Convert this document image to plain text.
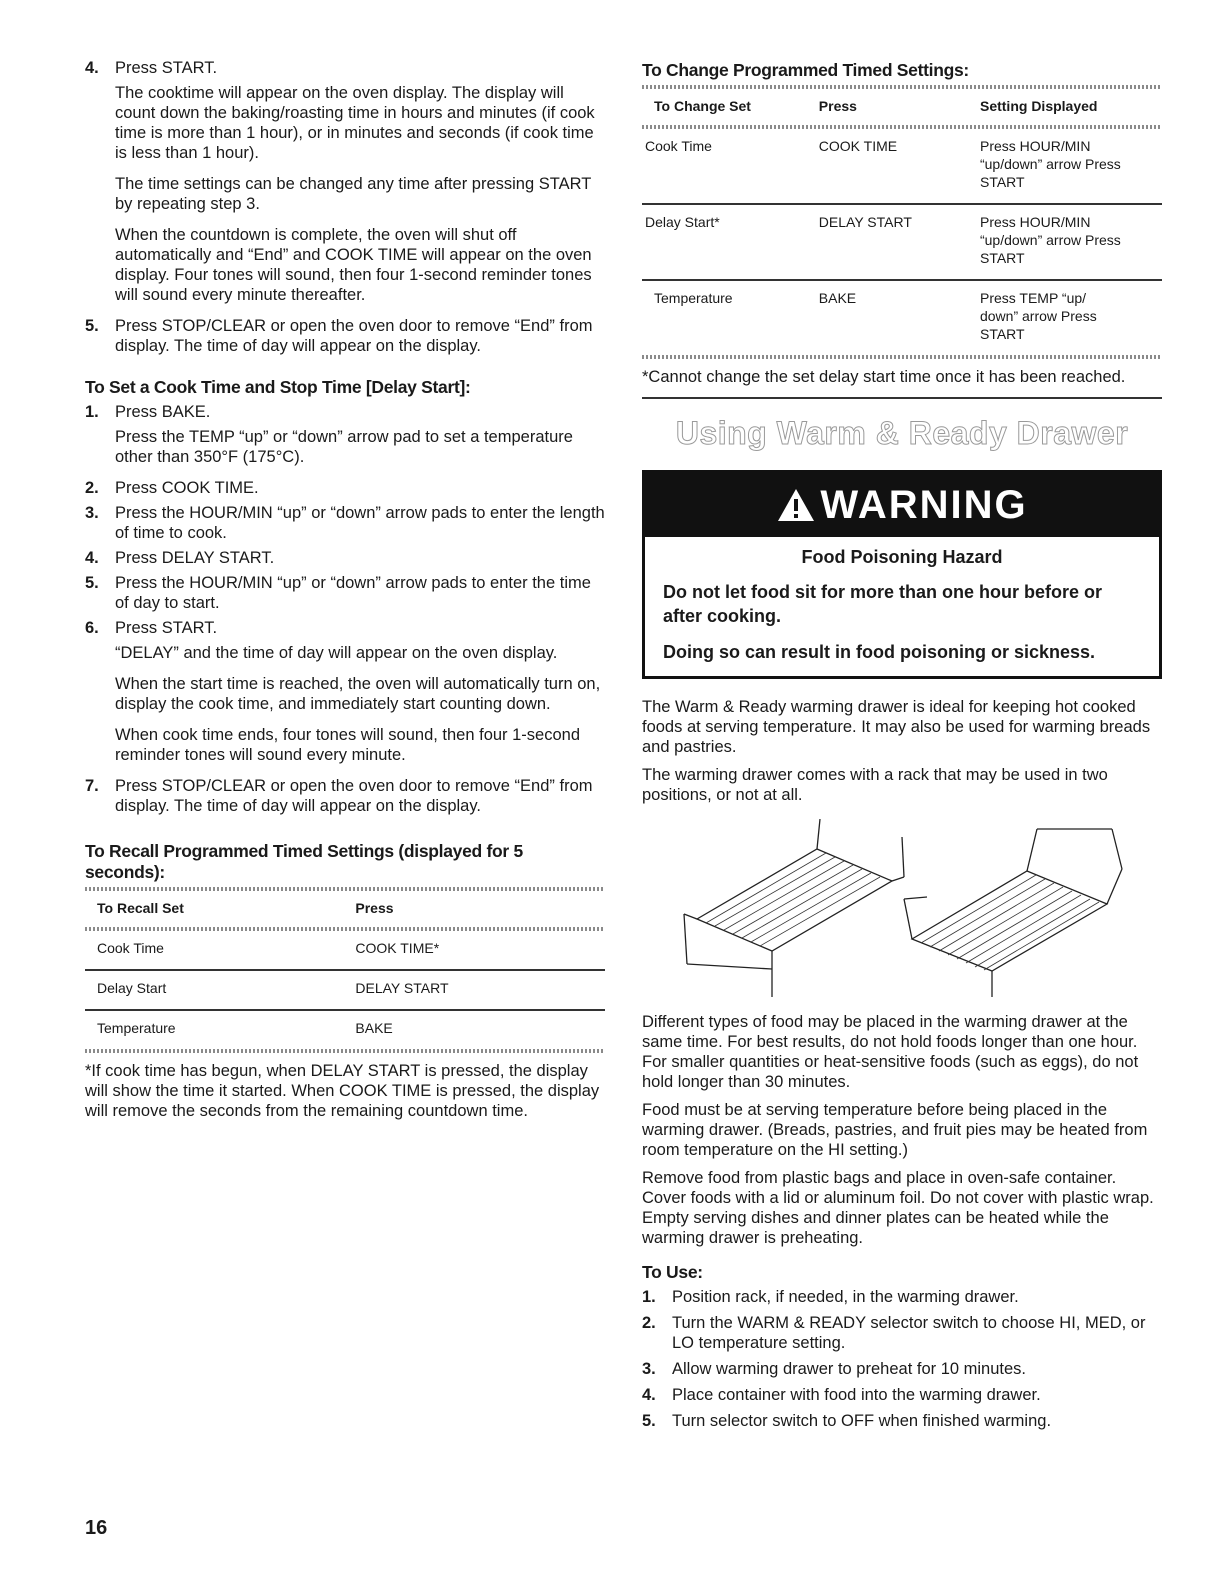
4. Press START.

The cooktime will appear on the oven display. The display will count down the baking/roasting time in hours and minutes (if cook time is more than 1 hour), or in minutes and seconds (if cook time is less than 1 hour).

The time settings can be changed any time after pressing START by repeating step 3.

When the countdown is complete, the oven will shut off automatically and “End” and COOK TIME will appear on the oven display. Four tones will sound, then four 1-second reminder tones will sound every minute thereafter.

5. Press STOP/CLEAR or open the oven door to remove “End” from display. The time of day will appear on the display.

To Set a Cook Time and Stop Time [Delay Start]:
1. Press BAKE.

Press the TEMP “up” or “down” arrow pad to set a temperature other than 350°F (175°C).

2. Press COOK TIME.

3. Press the HOUR/MIN “up” or “down” arrow pads to enter the length of time to cook.

4. Press DELAY START.

5. Press the HOUR/MIN “up” or “down” arrow pads to enter the time of day to start.

6. Press START.

“DELAY” and the time of day will appear on the oven display.

When the start time is reached, the oven will automatically turn on, display the cook time, and immediately start counting down.

When cook time ends, four tones will sound, then four 1-second reminder tones will sound every minute.

7. Press STOP/CLEAR or open the oven door to remove “End” from display. The time of day will appear on the display.

To Recall Programmed Timed Settings (displayed for 5 seconds):
To Recall Set	Press
Cook Time	COOK TIME*
Delay Start	DELAY START
Temperature	BAKE

*If cook time has begun, when DELAY START is pressed, the display will show the time it started. When COOK TIME is pressed, the display will remove the seconds from the remaining countdown time.

To Change Programmed Timed Settings:
To Change Set	Press	Setting Displayed
Cook Time	COOK TIME	Press HOUR/MIN “up/down” arrow Press START
Delay Start*	DELAY START	Press HOUR/MIN “up/down” arrow Press START
Temperature	BAKE	Press TEMP “up/ down” arrow Press START

*Cannot change the set delay start time once it has been reached.

Using Warm & Ready Drawer
WARNING
Food Poisoning Hazard
Do not let food sit for more than one hour before or after cooking.
Doing so can result in food poisoning or sickness.

The Warm & Ready warming drawer is ideal for keeping hot cooked foods at serving temperature. It may also be used for warming breads and pastries.

The warming drawer comes with a rack that may be used in two positions, or not at all.

Different types of food may be placed in the warming drawer at the same time. For best results, do not hold foods longer than one hour. For smaller quantities or heat-sensitive foods (such as eggs), do not hold longer than 30 minutes.

Food must be at serving temperature before being placed in the warming drawer. (Breads, pastries, and fruit pies may be heated from room temperature on the HI setting.)

Remove food from plastic bags and place in oven-safe container. Cover foods with a lid or aluminum foil. Do not cover with plastic wrap. Empty serving dishes and dinner plates can be heated while the warming drawer is preheating.

To Use:
1. Position rack, if needed, in the warming drawer.

2. Turn the WARM & READY selector switch to choose HI, MED, or LO temperature setting.

3. Allow warming drawer to preheat for 10 minutes.

4. Place container with food into the warming drawer.

5. Turn selector switch to OFF when finished warming.

16
